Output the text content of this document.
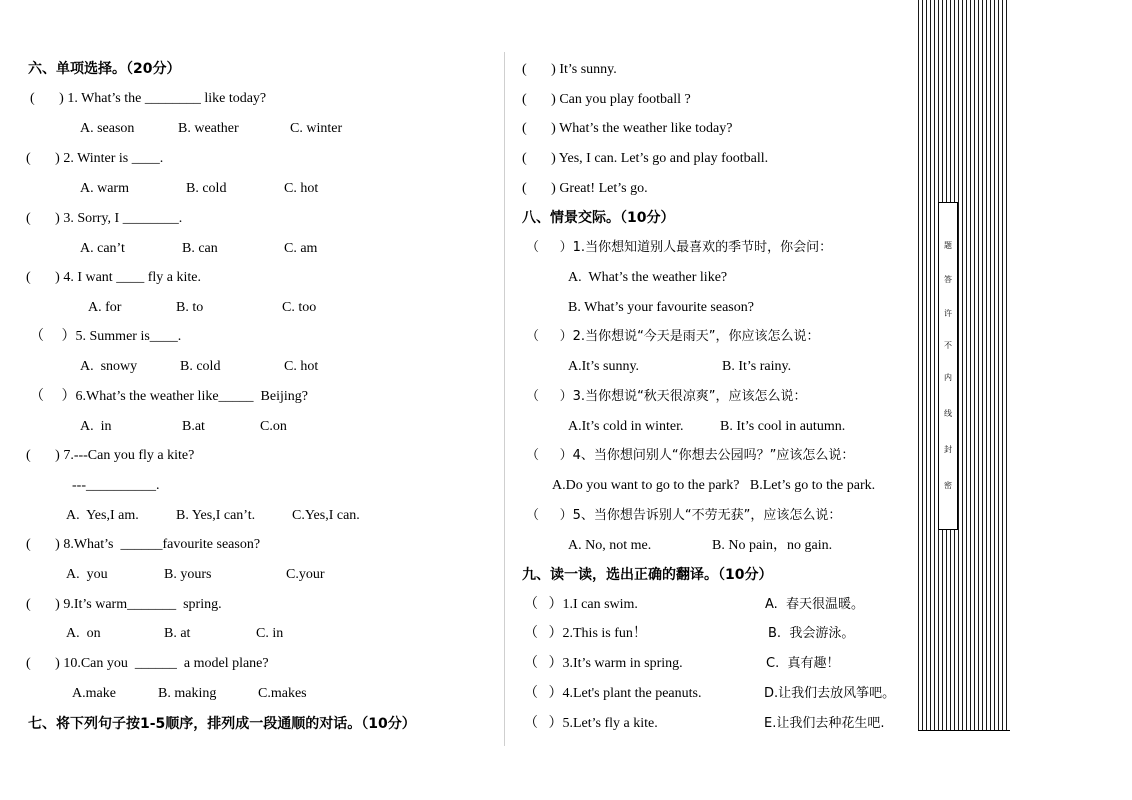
六、单项选择。（20分）
(       ) 1. What’s the ________ like today?
A. season	B. weather	C. winter
(       ) 2. Winter is ____.
A. warm	B. cold	C. hot
(       ) 3. Sorry, I ________.
A. can’t	B. can	C. am
(       ) 4. I want ____ fly a kite.
A. for	B. to	C. too
（     ）5. Summer is____.
A.  snowy	B. cold	C. hot
（     ）6.What’s the weather like_____  Beijing?
A.  in	B.at	C.on
(       ) 7.---Can you fly a kite?
---__________.
A.  Yes,I am.	B. Yes,I can’t.	C.Yes,I can.
(       ) 8.What’s  ______favourite season?
A.  you	B. yours	C.your
(       ) 9.It’s warm_______  spring.
A.  on	B. at	C. in
(       ) 10.Can you  ______  a model plane?
A.make	B. making	C.makes
七、将下列句子按1-5顺序，排列成一段通顺的对话。（10分）
(       ) It’s sunny.
(       ) Can you play football ?
(       ) What’s the weather like today?
(       ) Yes, I can. Let’s go and play football.
(       ) Great! Let’s go.
八、情景交际。（10分）
（     ）1.当你想知道别人最喜欢的季节时，你会问：
A.  What’s the weather like?
B. What’s your favourite season?
（     ）2.当你想说“今天是雨天”，你应该怎么说：
A.It’s sunny.	B. It’s rainy.
（     ）3.当你想说“秋天很凉爽”，应该怎么说：
A.It’s cold in winter.	B. It’s cool in autumn.
（     ）4、当你想问别人“你想去公园吗？”应该怎么说：
A.Do you want to go to the park?   B.Let’s go to the park.
（     ）5、当你想告诉别人“不劳无获”，应该怎么说：
A. No, not me.	B. No pain，no gain.
九、读一读，选出正确的翻译。（10分）
（   ）1.I can swim.	A.  春天很温暖。
（   ）2.This is fun！	B.  我会游泳。
（   ）3.It’s warm in spring.	C.  真有趣！
（   ）4.Let's plant the peanuts.	D.让我们去放风筝吧。
（   ）5.Let’s fly a kite.	E.让我们去种花生吧.
密
封
线
内
不
许
答
题
